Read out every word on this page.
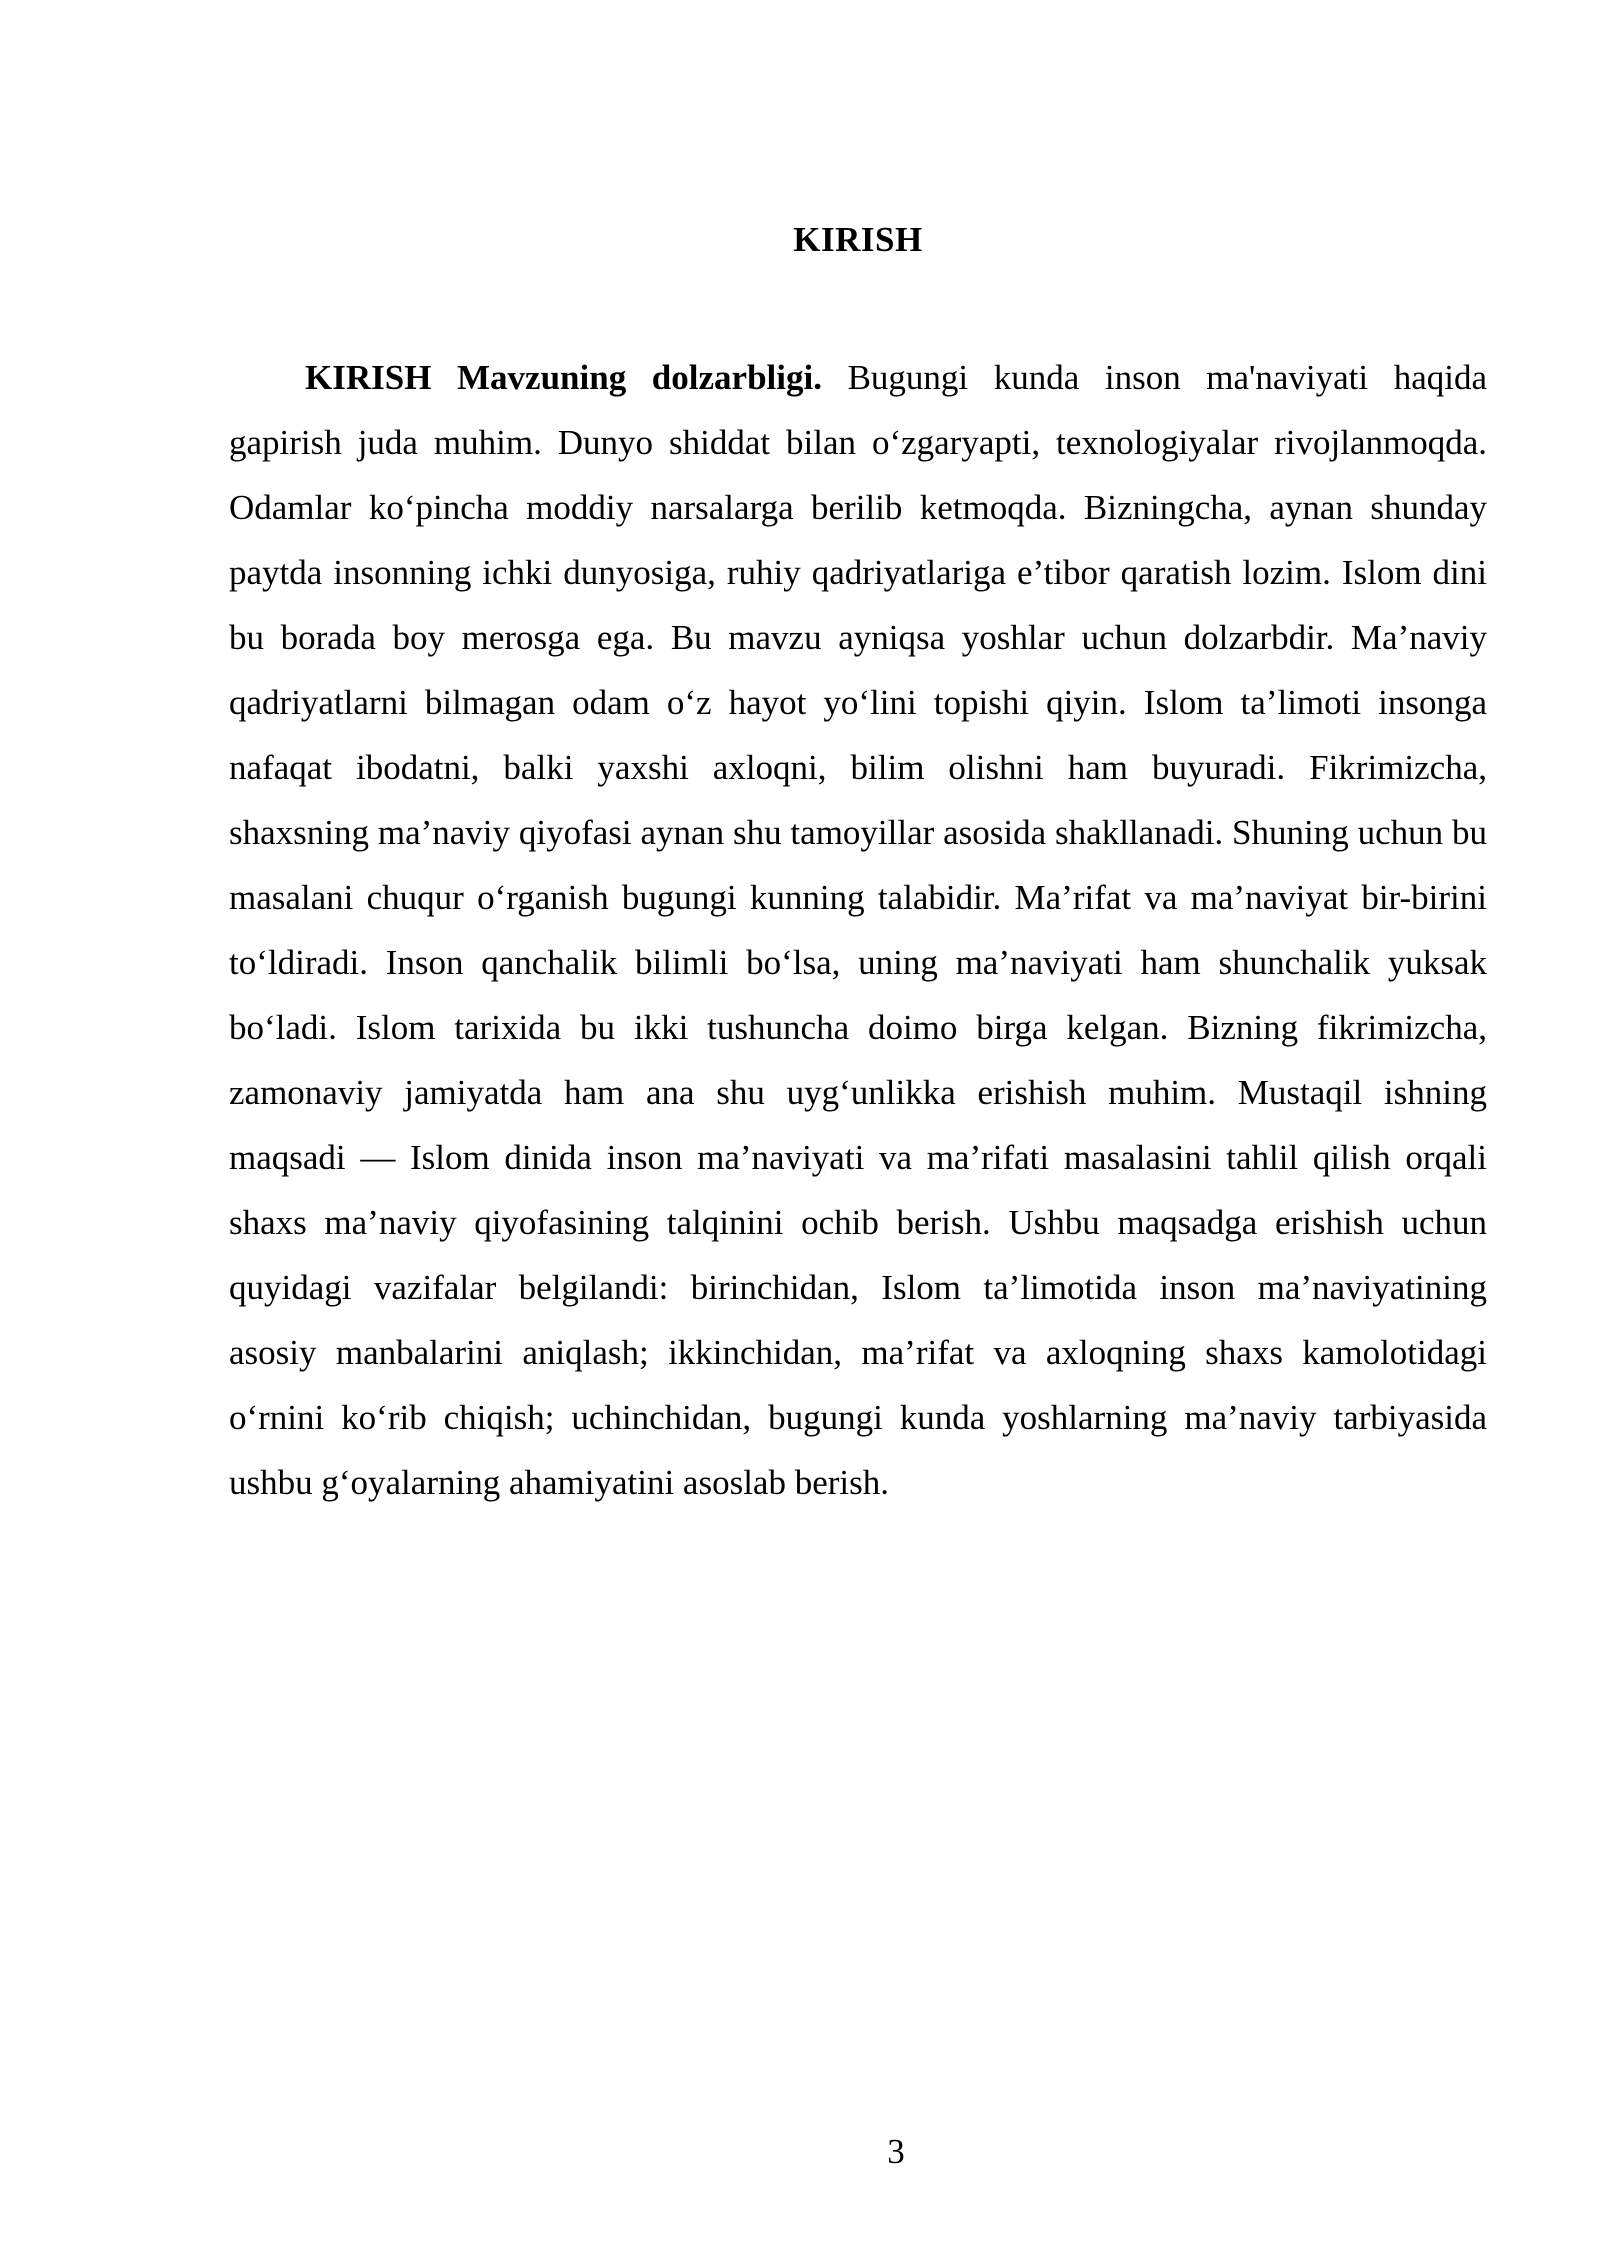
KIRISH

KIRISH Mavzuning dolzarbligi. Bugungi kunda inson ma'naviyati haqida gapirish juda muhim. Dunyo shiddat bilan o‘zgaryapti, texnologiyalar rivojlanmoqda. Odamlar ko‘pincha moddiy narsalarga berilib ketmoqda. Bizningcha, aynan shunday paytda insonning ichki dunyosiga, ruhiy qadriyatlariga e’tibor qaratish lozim. Islom dini bu borada boy merosga ega. Bu mavzu ayniqsa yoshlar uchun dolzarbdir. Ma’naviy qadriyatlarni bilmagan odam o‘z hayot yo‘lini topishi qiyin. Islom ta’limoti insonga nafaqat ibodatni, balki yaxshi axloqni, bilim olishni ham buyuradi. Fikrimizcha, shaxsning ma’naviy qiyofasi aynan shu tamoyillar asosida shakllanadi. Shuning uchun bu masalani chuqur o‘rganish bugungi kunning talabidir. Ma’rifat va ma’naviyat bir-birini to‘ldiradi. Inson qanchalik bilimli bo‘lsa, uning ma’naviyati ham shunchalik yuksak bo‘ladi. Islom tarixida bu ikki tushuncha doimo birga kelgan. Bizning fikrimizcha, zamonaviy jamiyatda ham ana shu uyg‘unlikka erishish muhim. Mustaqil ishning maqsadi — Islom dinida inson ma’naviyati va ma’rifati masalasini tahlil qilish orqali shaxs ma’naviy qiyofasining talqinini ochib berish. Ushbu maqsadga erishish uchun quyidagi vazifalar belgilandi: birinchidan, Islom ta’limotida inson ma’naviyatining asosiy manbalarini aniqlash; ikkinchidan, ma’rifat va axloqning shaxs kamolotidagi o‘rnini ko‘rib chiqish; uchinchidan, bugungi kunda yoshlarning ma’naviy tarbiyasida ushbu g‘oyalarning ahamiyatini asoslab berish.

3
